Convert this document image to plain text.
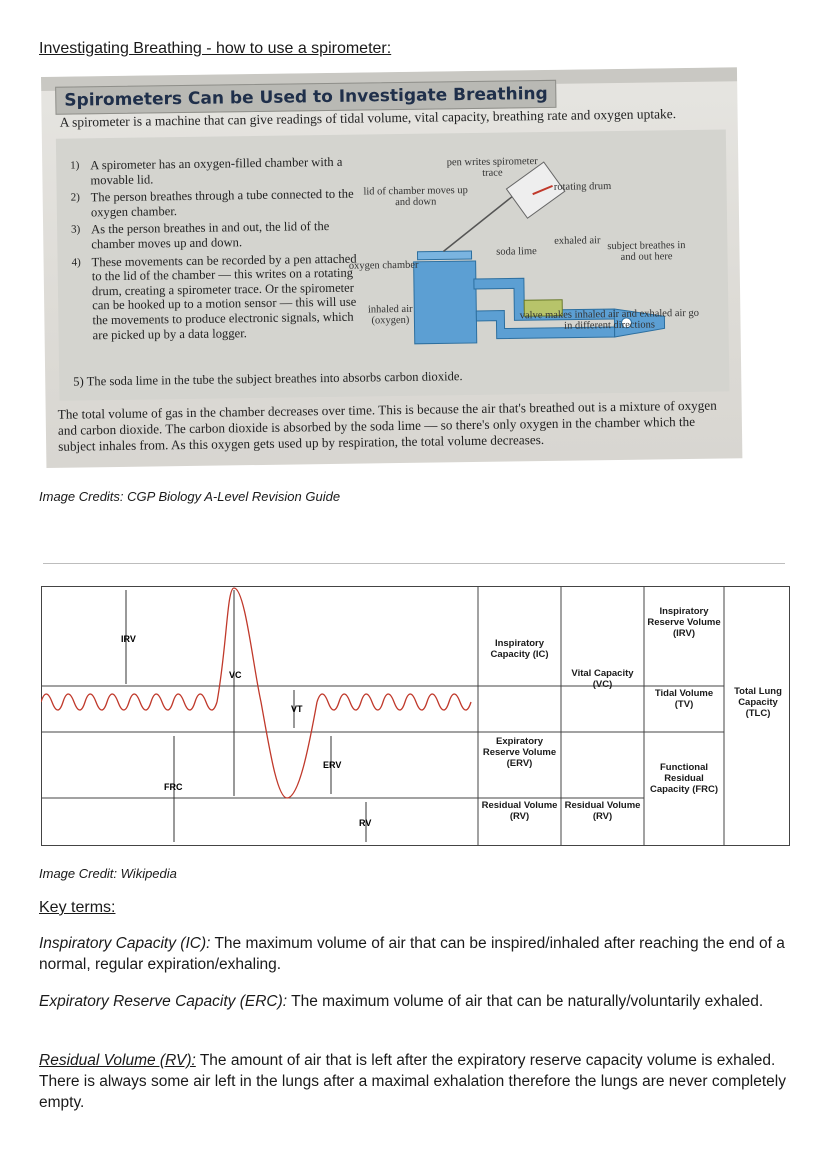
Investigating Breathing - how to use a spirometer:
Spirometers Can be Used to Investigate Breathing
A spirometer is a machine that can give readings of tidal volume, vital capacity, breathing rate and oxygen uptake.
1) A spirometer has an oxygen-filled chamber with a movable lid.
2) The person breathes through a tube connected to the oxygen chamber.
3) As the person breathes in and out, the lid of the chamber moves up and down.
4) These movements can be recorded by a pen attached to the lid of the chamber — this writes on a rotating drum, creating a spirometer trace. Or the spirometer can be hooked up to a motion sensor — this will use the movements to produce electronic signals, which are picked up by a data logger.
pen writes spirometer trace
lid of chamber moves up and down
rotating drum
oxygen chamber
soda lime
exhaled air subject breathes in and out here
inhaled air (oxygen)	valve makes inhaled air and exhaled air go in different directions
5) The soda lime in the tube the subject breathes into absorbs carbon dioxide.
The total volume of gas in the chamber decreases over time. This is because the air that's breathed out is a mixture of oxygen and carbon dioxide. The carbon dioxide is absorbed by the soda lime — so there's only oxygen in the chamber which the subject inhales from. As this oxygen gets used up by respiration, the total volume decreases.
Image Credits: CGP Biology A-Level Revision Guide
IRV
VC
VT
ERV
FRC
RV
Inspiratory Capacity (IC)
Expiratory Reserve Volume (ERV)
Residual Volume (RV)
Vital Capacity (VC)
Residual Volume (RV)
Inspiratory Reserve Volume (IRV)
Tidal Volume (TV)
Functional Residual Capacity (FRC)
Total Lung Capacity (TLC)
Image Credit: Wikipedia
Key terms:
Inspiratory Capacity (IC): The maximum volume of air that can be inspired/inhaled after reaching the end of a normal, regular expiration/exhaling.
Expiratory Reserve Capacity (ERC): The maximum volume of air that can be naturally/voluntarily exhaled.
Residual Volume (RV): The amount of air that is left after the expiratory reserve capacity volume is exhaled. There is always some air left in the lungs after a maximal exhalation therefore the lungs are never completely empty.
